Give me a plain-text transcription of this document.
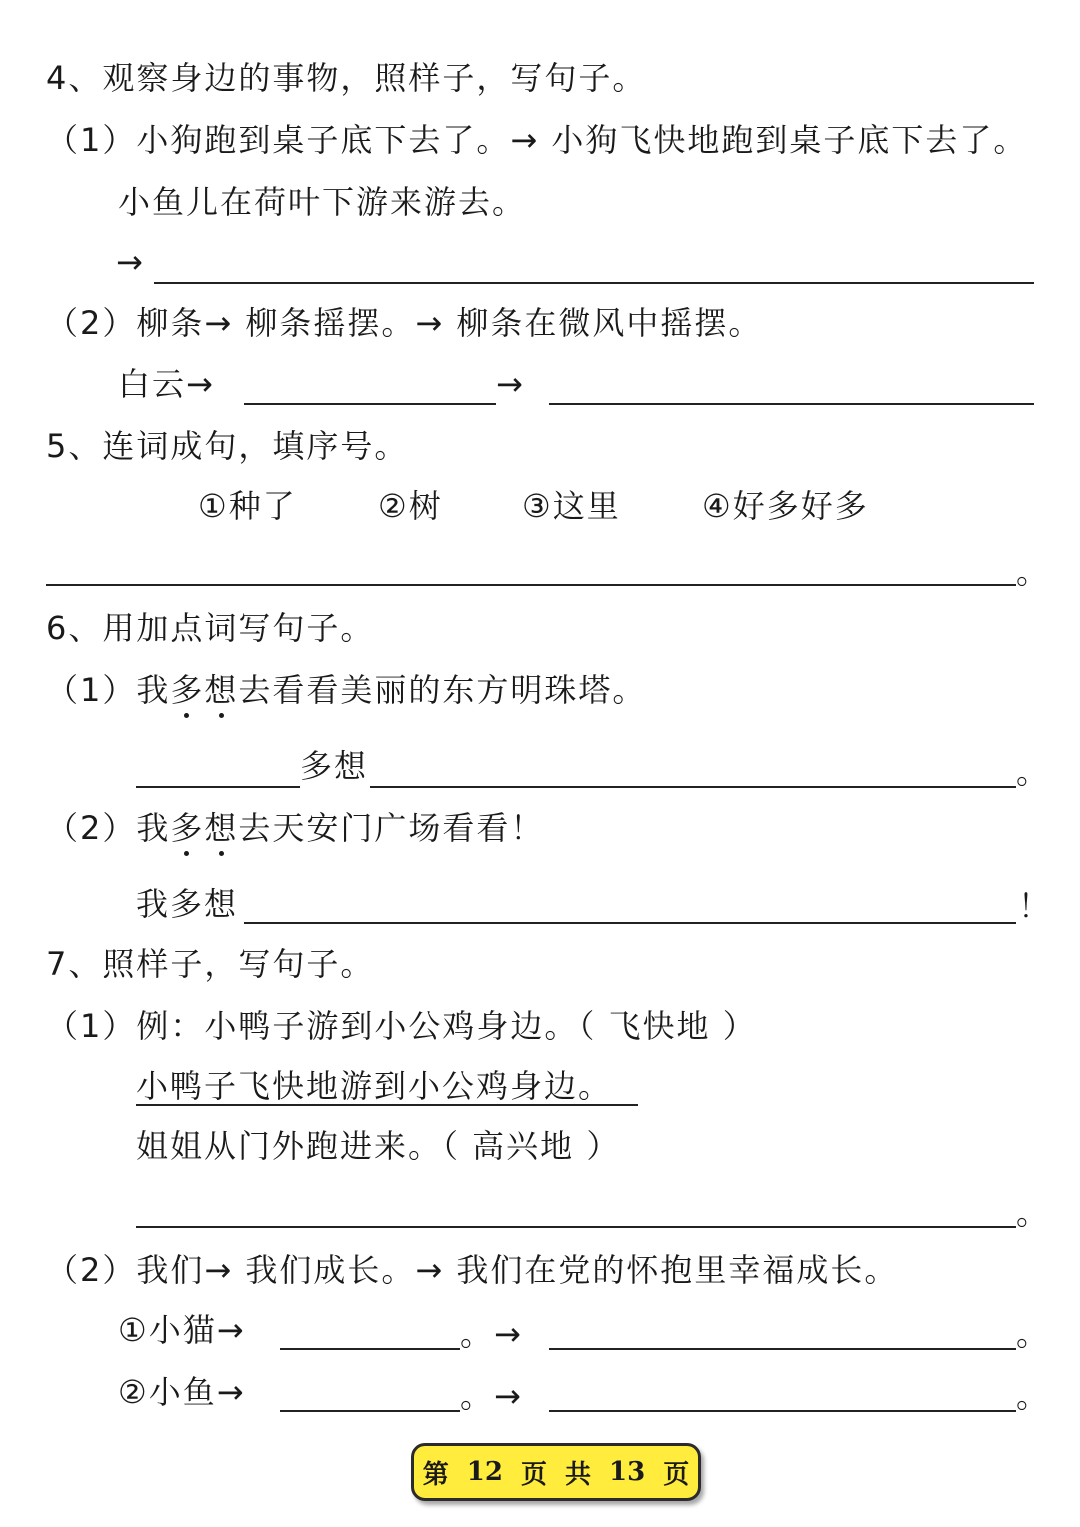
4、观察身边的事物，照样子，写句子。
（1）小狗跑到桌子底下去了。→ 小狗飞快地跑到桌子底下去了。
小鱼儿在荷叶下游来游去。
→
（2）柳条→ 柳条摇摆。→ 柳条在微风中摇摆。
白云→	→
5、连词成句，填序号。
①种了	②树 ③这里	④好多好多
。
6、用加点词写句子。
（1）我多想去看看美丽的东方明珠塔。
多想	。
（2）我多想去天安门广场看看！
我多想	！
7、照样子，写句子。
（1）例：小鸭子游到小公鸡身边。（ 飞快地 ）
小鸭子飞快地游到小公鸡身边。
姐姐从门外跑进来。（ 高兴地 ）
。
（2）我们→ 我们成长。→ 我们在党的怀抱里幸福成长。
①小猫→	。→	。
②小鱼→	。→	。
第 12 页 共 13 页
